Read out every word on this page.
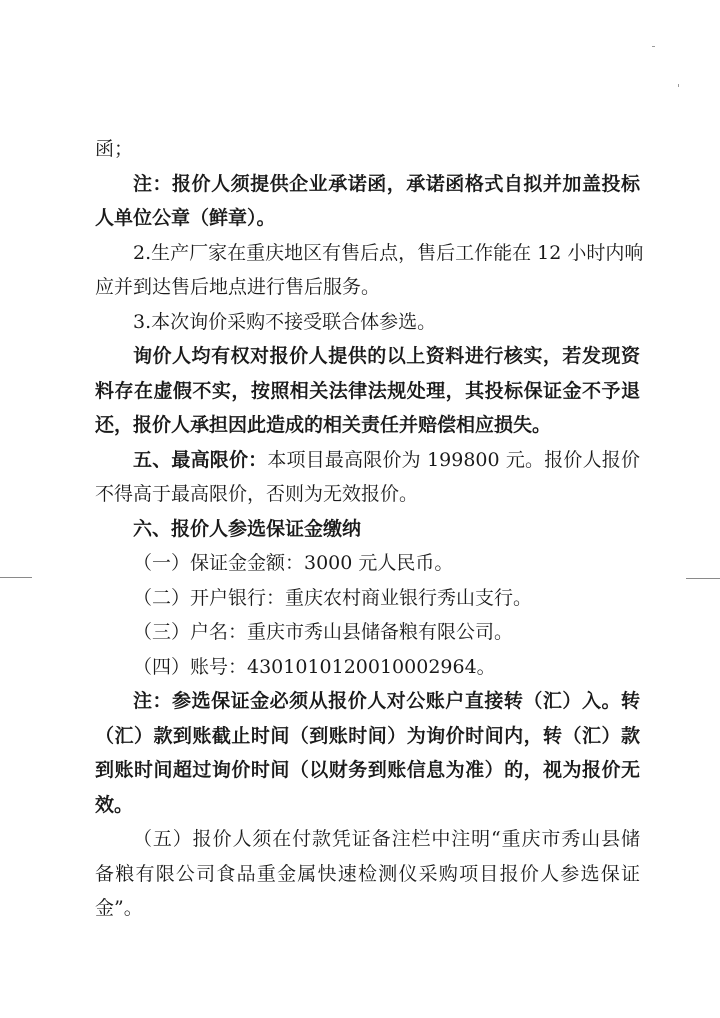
函；
注：报价人须提供企业承诺函，承诺函格式自拟并加盖投标
人单位公章（鲜章）。
2.生产厂家在重庆地区有售后点，售后工作能在 12 小时内响
应并到达售后地点进行售后服务。
3.本次询价采购不接受联合体参选。
询价人均有权对报价人提供的以上资料进行核实，若发现资
料存在虚假不实，按照相关法律法规处理，其投标保证金不予退
还，报价人承担因此造成的相关责任并赔偿相应损失。
五、最高限价：本项目最高限价为 199800 元。报价人报价
不得高于最高限价，否则为无效报价。
六、报价人参选保证金缴纳
（一）保证金金额：3000 元人民币。
（二）开户银行：重庆农村商业银行秀山支行。
（三）户名：重庆市秀山县储备粮有限公司。
（四）账号：4301010120010002964。
注：参选保证金必须从报价人对公账户直接转（汇）入。转
（汇）款到账截止时间（到账时间）为询价时间内，转（汇）款
到账时间超过询价时间（以财务到账信息为准）的，视为报价无
效。
（五）报价人须在付款凭证备注栏中注明“重庆市秀山县储
备粮有限公司食品重金属快速检测仪采购项目报价人参选保证
金”。
